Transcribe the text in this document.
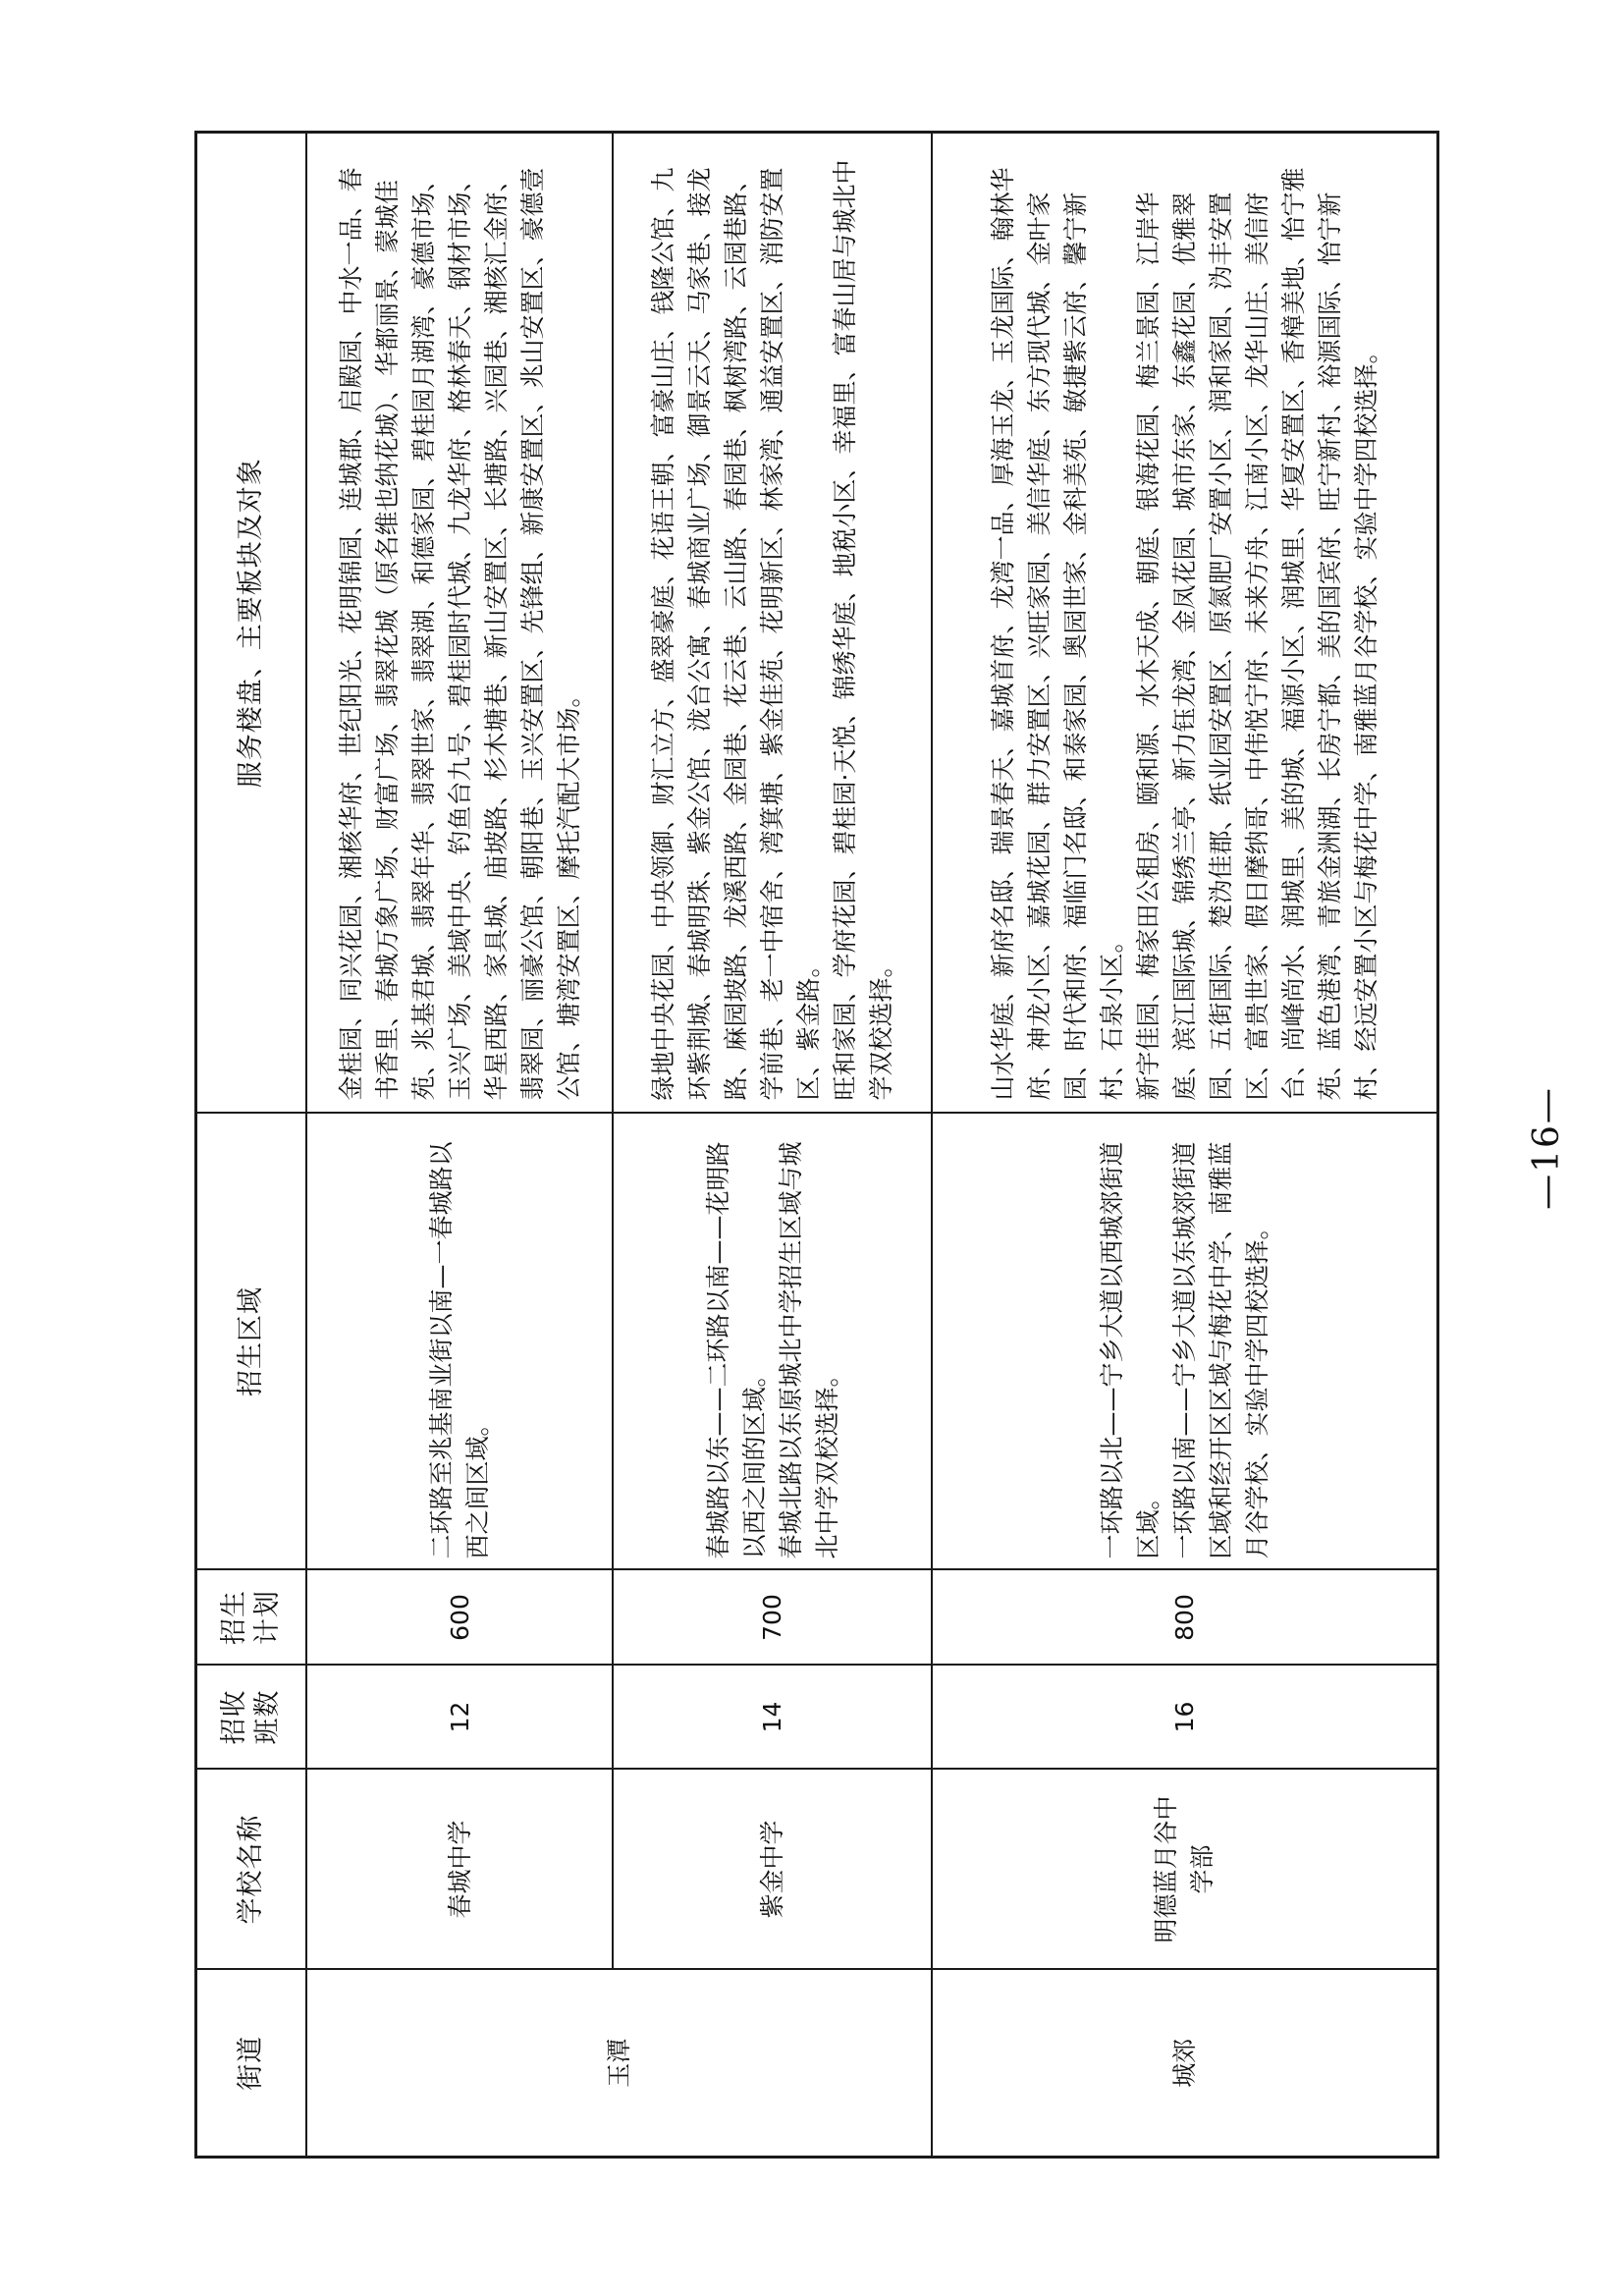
街道	学校名称	招收班数	招生计划	招生区域	服务楼盘、主要板块及对象
玉潭	春城中学	12	600	二环路至兆基南业街以南—一春城路以西之间区域。	金桂园、同兴花园、湘核华府、世纪阳光、花明锦园、连城郡、启殿园、中水一品、春书香里、春城万象广场、财富广场、翡翠花城（原名维也纳花城）、华都丽景、蒙城佳苑、兆基君城、翡翠年华、翡翠世家、翡翠湖、和德家园、碧桂园月湖湾、豪德市场、玉兴广场、美域中央、钓鱼台九号、碧桂园时代城、九龙华府、格林春天、钢材市场、华星西路、家具城、庙坡路、杉木塘巷、新山安置区、长塘路、兴园巷、湘核汇金府、翡翠园、丽豪公馆、朝阳巷、玉兴安置区、先锋组、新康安置区、兆山安置区、豪德壹公馆、塘湾安置区、摩托汽配大市场。

	紫金中学	14	700	春城路以东——二环路以南——花明路以西之间的区域。 春城北路以东原城北中学招生区域与城北中学双校选择。	绿地中央花园、中央领御、财汇立方、盛翠豪庭、花语王朝、富豪山庄、钱隆公馆、九环紫荆城、春城明珠、紫金公馆、泷台公寓、春城商业广场、御景云天、马家巷、接龙路、麻园坡路、龙溪西路、金园巷、花云巷、云山路、春园巷、枫树湾路、云园巷路、学前巷、老一中宿舍、湾箕塘、紫金佳苑、花明新区、林家湾、通益安置区、消防安置区、紫金路。 旺和家园、学府花园、碧桂园·天悦、锦绣华庭、地税小区、幸福里、富春山居与城北中学双校选择。

城郊	明德蓝月谷中学部	16	800	一环路以北——宁乡大道以西城郊街道区域。 一环路以南——宁乡大道以东城郊街道区域和经开区区域与梅花中学、南雅蓝月谷学校、实验中学四校选择。	山水华庭、新府名邸、瑞景春天、嘉城首府、龙湾一品、厚海玉龙、玉龙国际、翰林华府、神龙小区、嘉城花园、群力安置区、兴旺家园、美信华庭、东方现代城、金叶家园、时代和府、福临门名邸、和泰家园、奥园世家、金科美苑、敏捷紫云府、馨宁新村、石泉小区。 新宇佳园、梅家田公租房、颐和源、水木天成、朝庭、银海花园、梅兰景园、江岸华庭、滨江国际城、锦绣兰亭、新力钰龙湾、金凤花园、城市东家、东鑫花园、优雅翠园、五街国际、楚沩佳郡、纸业园安置区、原氮肥厂安置小区、润和家园、沩丰安置区、富贵世家、假日摩纳哥、中伟悦宁府、未来方舟、江南小区、龙华山庄、美信府台、尚峰尚水、润城里、美的城、福源小区、润城里、华夏安置区、香樟美地、怡宁雅苑、蓝色港湾、青旅金洲湖、长房宁都、美的国宾府、旺宁新村、裕源国际、怡宁新村、经远安置小区与梅花中学、南雅蓝月谷学校、实验中学四校选择。
—16—
